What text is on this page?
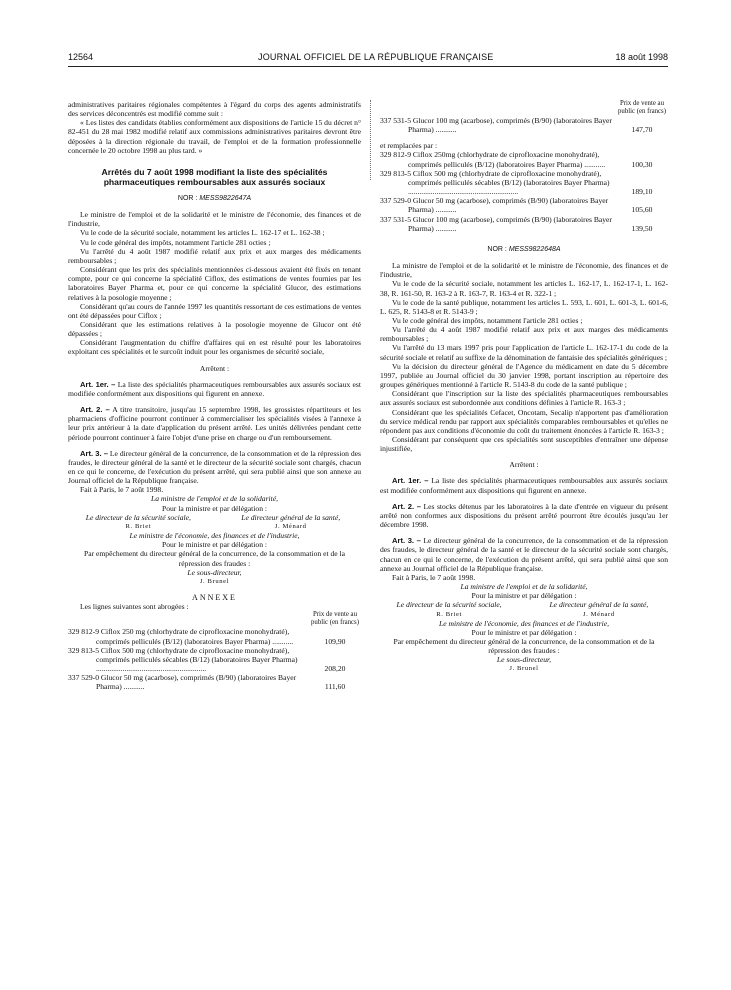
12564	JOURNAL OFFICIEL DE LA RÉPUBLIQUE FRANÇAISE	18 août 1998

administratives paritaires régionales compétentes à l'égard du corps des agents administratifs des services déconcentrés est modifié comme suit :

« Les listes des candidats établies conformément aux dispositions de l'article 15 du décret n° 82-451 du 28 mai 1982 modifié relatif aux commissions administratives paritaires devront être déposées à la direction régionale du travail, de l'emploi et de la formation professionnelle concernée le 20 octobre 1998 au plus tard. »

Arrêtés du 7 août 1998 modifiant la liste des spécialités pharmaceutiques remboursables aux assurés sociaux

NOR : MESS9822647A

Le ministre de l'emploi et de la solidarité et le ministre de l'économie, des finances et de l'industrie,

Vu le code de la sécurité sociale, notamment les articles L. 162-17 et L. 162-38 ;

Vu le code général des impôts, notamment l'article 281 octies ;

Vu l'arrêté du 4 août 1987 modifié relatif aux prix et aux marges des médicaments remboursables ;

Considérant que les prix des spécialités mentionnées ci-dessous avaient été fixés en tenant compte, pour ce qui concerne la spécialité Ciflox, des estimations de ventes fournies par les laboratoires Bayer Pharma et, pour ce qui concerne la spécialité Glucor, des estimations relatives à la posologie moyenne ;

Considérant qu'au cours de l'année 1997 les quantités ressortant de ces estimations de ventes ont été dépassées pour Ciflox ;

Considérant que les estimations relatives à la posologie moyenne de Glucor ont été dépassées ;

Considérant l'augmentation du chiffre d'affaires qui en est résulté pour les laboratoires exploitant ces spécialités et le surcoût induit pour les organismes de sécurité sociale,

Arrêtent :

Art. 1er. – La liste des spécialités pharmaceutiques remboursables aux assurés sociaux est modifiée conformément aux dispositions qui figurent en annexe.

Art. 2. – A titre transitoire, jusqu'au 15 septembre 1998, les grossistes répartiteurs et les pharmaciens d'officine pourront continuer à commercialiser les spécialités visées à l'annexe à leur prix antérieur à la date d'application du présent arrêté. Les unités délivrées pendant cette période pourront continuer à faire l'objet d'une prise en charge ou d'un remboursement.

Art. 3. – Le directeur général de la concurrence, de la consommation et de la répression des fraudes, le directeur général de la santé et le directeur de la sécurité sociale sont chargés, chacun en ce qui le concerne, de l'exécution du présent arrêté, qui sera publié ainsi que son annexe au Journal officiel de la République française.

Fait à Paris, le 7 août 1998.

La ministre de l'emploi et de la solidarité,

Pour la ministre et par délégation :

Le directeur de la sécurité sociale,

R. Briet

Le directeur général de la santé,

J. Ménard

Le ministre de l'économie, des finances et de l'industrie,

Pour le ministre et par délégation :

Par empêchement du directeur général de la concurrence, de la consommation et de la répression des fraudes :

Le sous-directeur,

J. Brunel

ANNEXE

Les lignes suivantes sont abrogées :

Prix de vente au public (en francs)

329 812-9 Ciflox 250 mg (chlorhydrate de ciprofloxacine monohydraté), comprimés pelliculés (B/12) (laboratoires Bayer Pharma) ...........	109,90
329 813-5 Ciflox 500 mg (chlorhydrate de ciprofloxacine monohydraté), comprimés pelliculés sécables (B/12) (laboratoires Bayer Pharma) ..........................................................	208,20
337 529-0 Glucor 50 mg (acarbose), comprimés (B/90) (laboratoires Bayer Pharma) ...........	111,60

Prix de vente au public (en francs)

337 531-5 Glucor 100 mg (acarbose), comprimés (B/90) (laboratoires Bayer Pharma) ...........	147,70

et remplacées par :

329 812-9 Ciflox 250mg (chlorhydrate de ciprofloxacine monohydraté), comprimés pelliculés (B/12) (laboratoires Bayer Pharma) ...........	100,30
329 813-5 Ciflox 500 mg (chlorhydrate de ciprofloxacine monohydraté), comprimés pelliculés sécables (B/12) (laboratoires Bayer Pharma) ..........................................................	189,10
337 529-0 Glucor 50 mg (acarbose), comprimés (B/90) (laboratoires Bayer Pharma) ...........	105,60
337 531-5 Glucor 100 mg (acarbose), comprimés (B/90) (laboratoires Bayer Pharma) ...........	139,50

NOR : MESS9822648A

La ministre de l'emploi et de la solidarité et le ministre de l'économie, des finances et de l'industrie,

Vu le code de la sécurité sociale, notamment les articles L. 162-17, L. 162-17-1, L. 162-38, R. 161-50, R. 163-2 à R. 163-7, R. 163-4 et R. 322-1 ;

Vu le code de la santé publique, notamment les articles L. 593, L. 601, L. 601-3, L. 601-6, L. 625, R. 5143-8 et R. 5143-9 ;

Vu le code général des impôts, notamment l'article 281 octies ;

Vu l'arrêté du 4 août 1987 modifié relatif aux prix et aux marges des médicaments remboursables ;

Vu l'arrêté du 13 mars 1997 pris pour l'application de l'article L. 162-17-1 du code de la sécurité sociale et relatif au suffixe de la dénomination de fantaisie des spécialités génériques ;

Vu la décision du directeur général de l'Agence du médicament en date du 5 décembre 1997, publiée au Journal officiel du 30 janvier 1998, portant inscription au répertoire des groupes génériques mentionné à l'article R. 5143-8 du code de la santé publique ;

Considérant que l'inscription sur la liste des spécialités pharmaceutiques remboursables aux assurés sociaux est subordonnée aux conditions définies à l'article R. 163-3 ;

Considérant que les spécialités Cefacet, Oncotam, Secalip n'apportent pas d'amélioration du service médical rendu par rapport aux spécialités comparables remboursables et qu'elles ne répondent pas aux conditions d'économie du coût du traitement énoncées à l'article R. 163-3 ;

Considérant par conséquent que ces spécialités sont susceptibles d'entraîner une dépense injustifiée,

Arrêtent :

Art. 1er. – La liste des spécialités pharmaceutiques remboursables aux assurés sociaux est modifiée conformément aux dispositions qui figurent en annexe.

Art. 2. – Les stocks détenus par les laboratoires à la date d'entrée en vigueur du présent arrêté non conformes aux dispositions du présent arrêté pourront être écoulés jusqu'au 1er décembre 1998.

Art. 3. – Le directeur général de la concurrence, de la consommation et de la répression des fraudes, le directeur général de la santé et le directeur de la sécurité sociale sont chargés, chacun en ce qui le concerne, de l'exécution du présent arrêté, qui sera publié ainsi que son annexe au Journal officiel de la République française.

Fait à Paris, le 7 août 1998.

La ministre de l'emploi et de la solidarité,

Pour la ministre et par délégation :

Le directeur de la sécurité sociale,

R. Briet

Le directeur général de la santé,

J. Ménard

Le ministre de l'économie, des finances et de l'industrie,

Pour le ministre et par délégation :

Par empêchement du directeur général de la concurrence, de la consommation et de la répression des fraudes :

Le sous-directeur,

J. Brunel
